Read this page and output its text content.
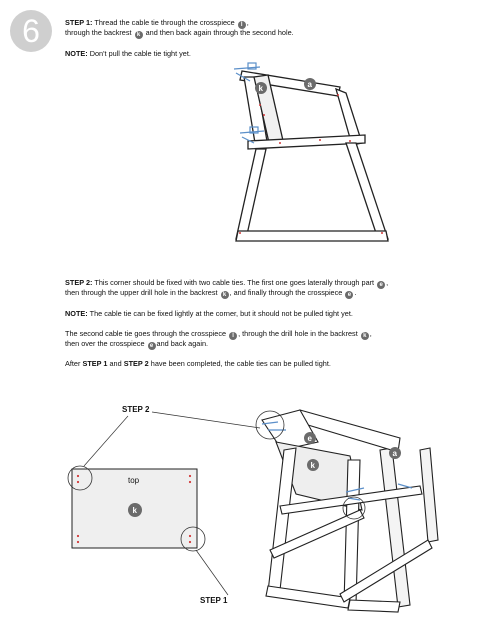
6	STEP 1: Thread the cable tie through the crosspiece l ,
through the backrest k and then back again through the second hole.
NOTE: Don't pull the cable tie tight yet.
a
k
STEP 2: This corner should be fixed with two cable ties. The first one goes laterally through part e ,
then through the upper drill hole in the backrest k , and finally through the crosspiece e .
NOTE: The cable tie can be fixed lightly at the corner, but it should not be pulled tight yet.
The second cable tie goes through the crosspiece l , through the drill hole in the backrest k ,
then over the crosspiece e and back again.
After STEP 1 and STEP 2 have been completed, the cable ties can be pulled tight.
STEP 2
STEP 1
top
k
e
k
a
